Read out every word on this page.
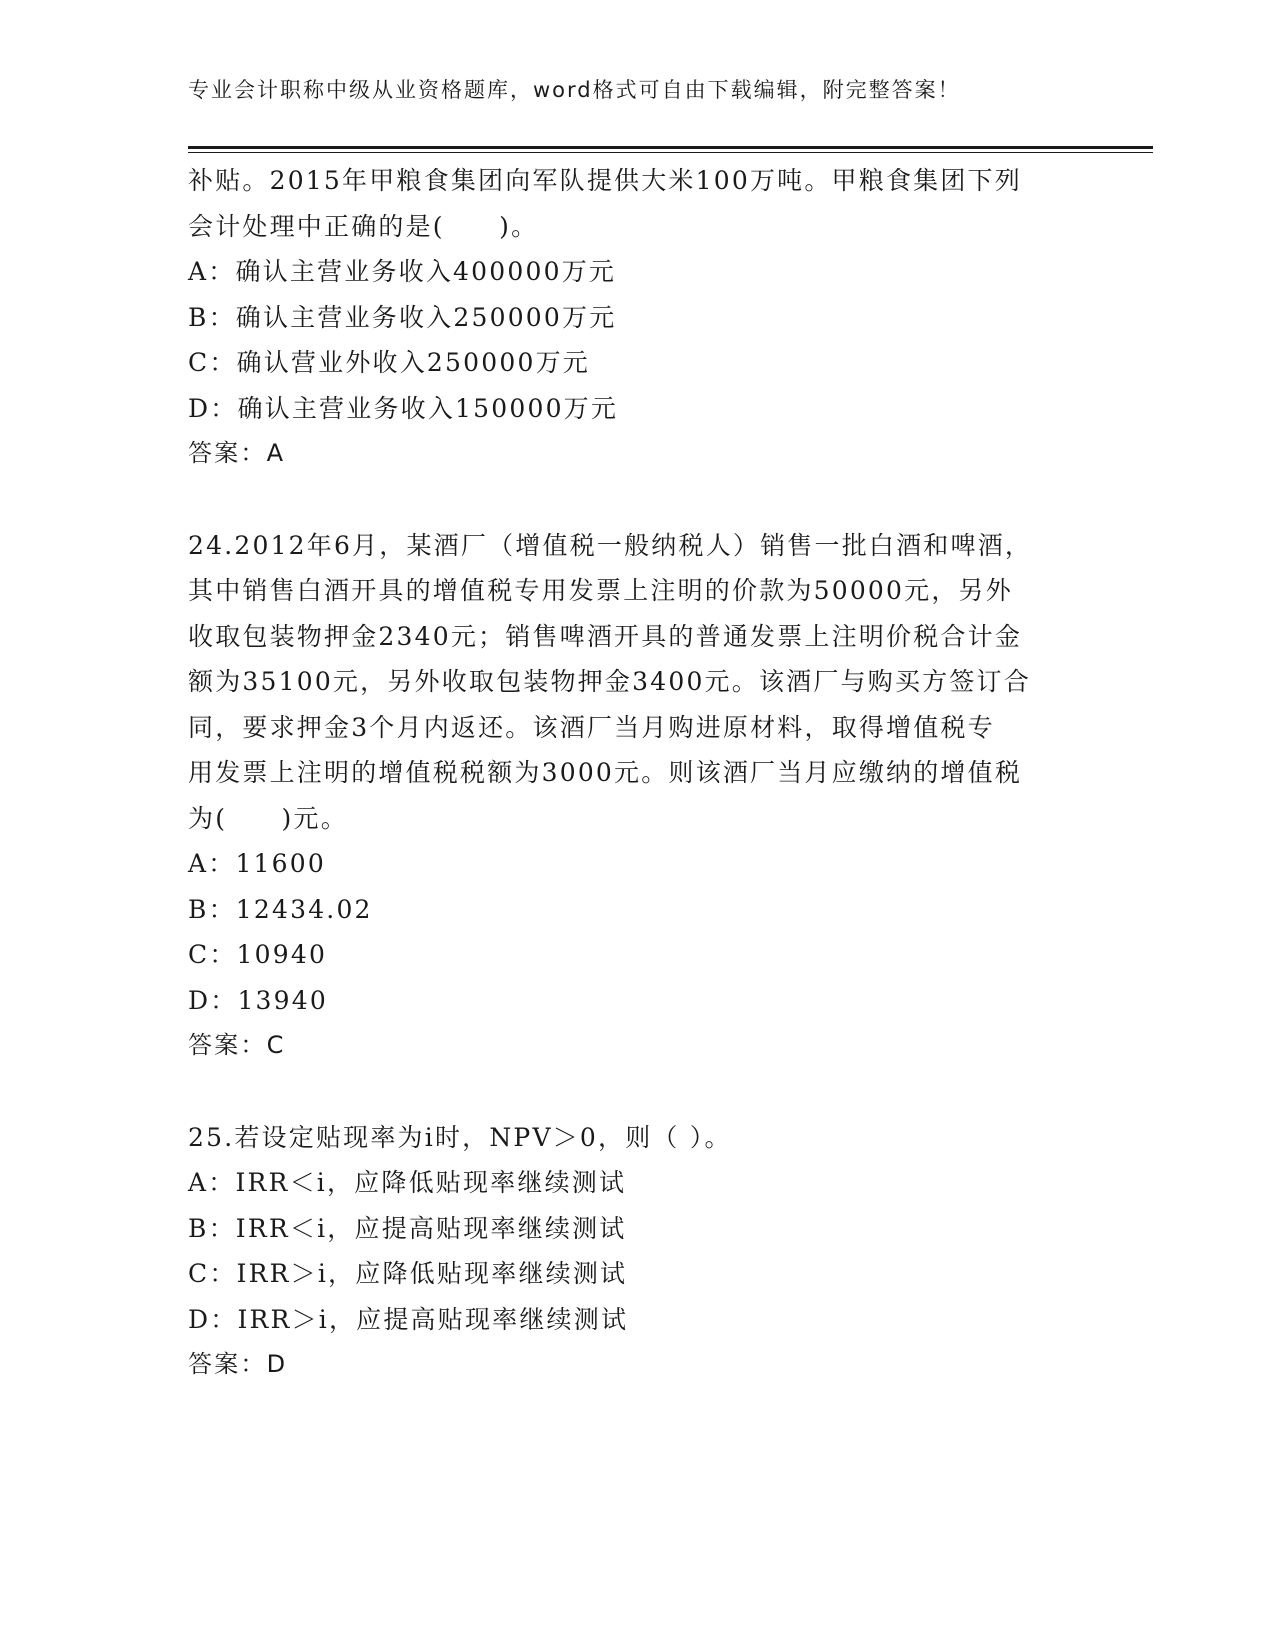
专业会计职称中级从业资格题库，word格式可自由下载编辑，附完整答案！
补贴。2015年甲粮食集团向军队提供大米100万吨。甲粮食集团下列
会计处理中正确的是(　　)。
A：确认主营业务收入400000万元
B：确认主营业务收入250000万元
C：确认营业外收入250000万元
D：确认主营业务收入150000万元
答案：A
24.2012年6月，某酒厂（增值税一般纳税人）销售一批白酒和啤酒，
其中销售白酒开具的增值税专用发票上注明的价款为50000元，另外
收取包装物押金2340元；销售啤酒开具的普通发票上注明价税合计金
额为35100元，另外收取包装物押金3400元。该酒厂与购买方签订合
同，要求押金3个月内返还。该酒厂当月购进原材料，取得增值税专
用发票上注明的增值税税额为3000元。则该酒厂当月应缴纳的增值税
为(　　)元。
A：11600
B：12434.02
C：10940
D：13940
答案：C
25.若设定贴现率为i时，NPV＞0，则（ ）。
A：IRR＜i，应降低贴现率继续测试
B：IRR＜i，应提高贴现率继续测试
C：IRR＞i，应降低贴现率继续测试
D：IRR＞i，应提高贴现率继续测试
答案：D
